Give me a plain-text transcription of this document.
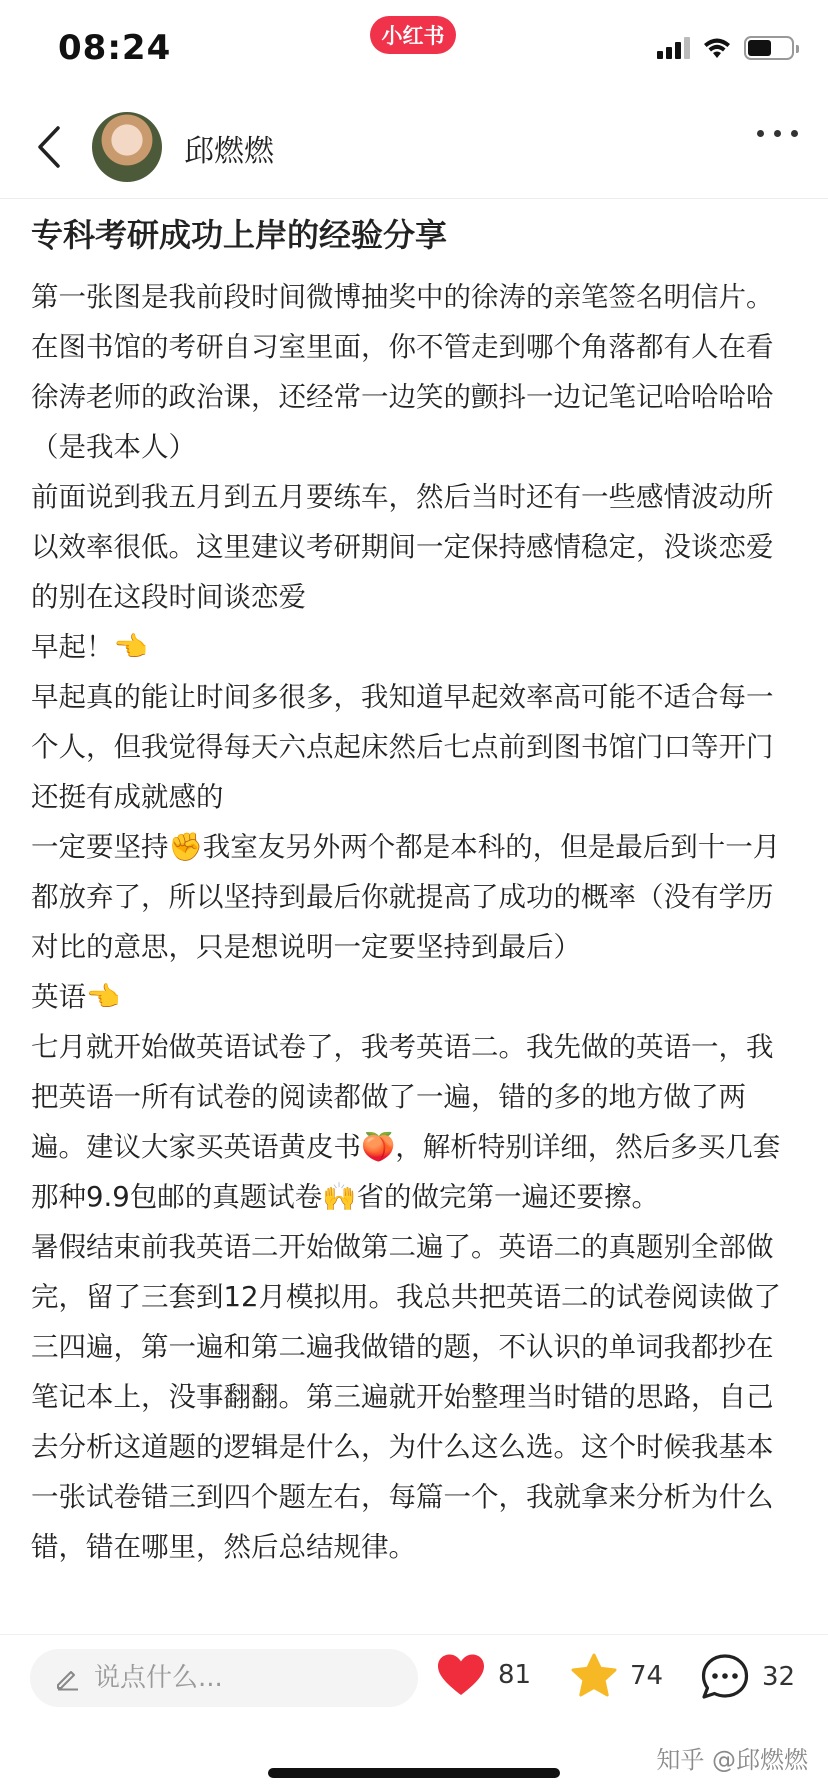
08:24	小红书
邱燃燃
专科考研成功上岸的经验分享

第一张图是我前段时间微博抽奖中的徐涛的亲笔签名明信片。在图书馆的考研自习室里面，你不管走到哪个角落都有人在看徐涛老师的政治课，还经常一边笑的颤抖一边记笔记哈哈哈哈（是我本人）

前面说到我五月到五月要练车，然后当时还有一些感情波动所以效率很低。这里建议考研期间一定保持感情稳定，没谈恋爱的别在这段时间谈恋爱

早起！👈

早起真的能让时间多很多，我知道早起效率高可能不适合每一个人，但我觉得每天六点起床然后七点前到图书馆门口等开门还挺有成就感的

一定要坚持✊我室友另外两个都是本科的，但是最后到十一月都放弃了，所以坚持到最后你就提高了成功的概率（没有学历对比的意思，只是想说明一定要坚持到最后）

英语👈

七月就开始做英语试卷了，我考英语二。我先做的英语一，我把英语一所有试卷的阅读都做了一遍，错的多的地方做了两遍。建议大家买英语黄皮书🍑，解析特别详细，然后多买几套那种9.9包邮的真题试卷🙌省的做完第一遍还要擦。

暑假结束前我英语二开始做第二遍了。英语二的真题别全部做完，留了三套到12月模拟用。我总共把英语二的试卷阅读做了三四遍，第一遍和第二遍我做错的题，不认识的单词我都抄在笔记本上，没事翻翻。第三遍就开始整理当时错的思路，自己去分析这道题的逻辑是什么，为什么这么选。这个时候我基本一张试卷错三到四个题左右，每篇一个，我就拿来分析为什么错，错在哪里，然后总结规律。

说点什么...
81	74	32
知乎 @邱燃燃
